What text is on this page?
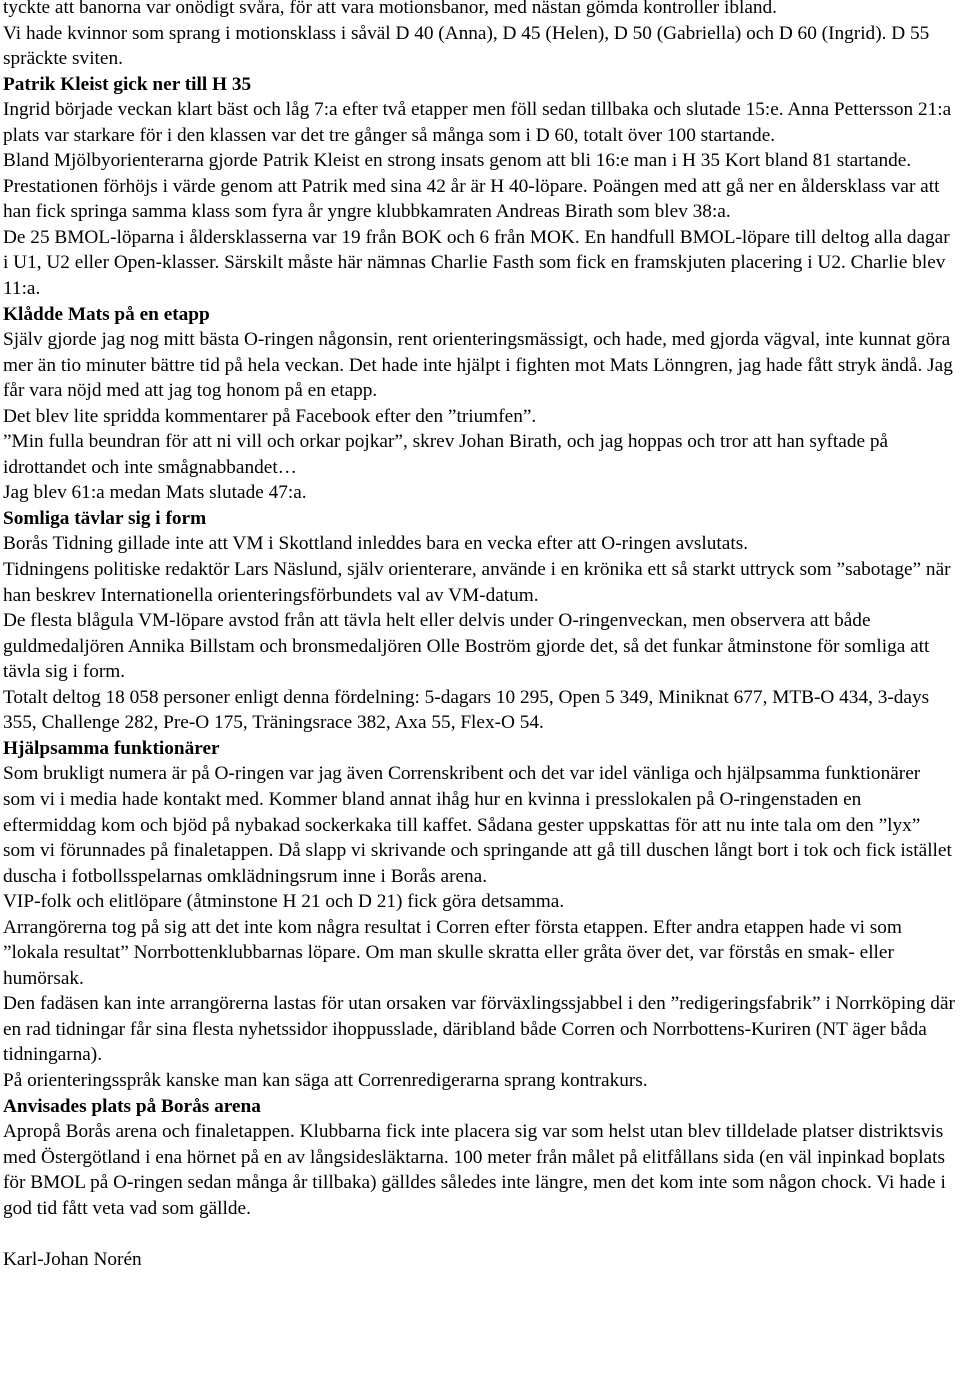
tyckte att banorna var onödigt svåra, för att vara motionsbanor, med nästan gömda kontroller ibland.

Vi hade kvinnor som sprang i motionsklass i såväl D 40 (Anna), D 45 (Helen), D 50 (Gabriella) och D 60 (Ingrid). D 55 spräckte sviten.

Patrik Kleist gick ner till H 35

Ingrid började veckan klart bäst och låg 7:a efter två etapper men föll sedan tillbaka och slutade 15:e. Anna Pettersson 21:a plats var starkare för i den klassen var det tre gånger så många som i D 60, totalt över 100 startande.

Bland Mjölbyorienterarna gjorde Patrik Kleist en strong insats genom att bli 16:e man i H 35 Kort bland 81 startande.

Prestationen förhöjs i värde genom att Patrik med sina 42 år är H 40-löpare. Poängen med att gå ner en åldersklass var att han fick springa samma klass som fyra år yngre klubbkamraten Andreas Birath som blev 38:a.

De 25 BMOL-löparna i åldersklasserna var 19 från BOK och 6 från MOK. En handfull BMOL-löpare till deltog alla dagar i U1, U2 eller Open-klasser. Särskilt måste här nämnas Charlie Fasth som fick en framskjuten placering i U2. Charlie blev 11:a.

Klådde Mats på en etapp

Själv gjorde jag nog mitt bästa O-ringen någonsin, rent orienteringsmässigt, och hade, med gjorda vägval, inte kunnat göra mer än tio minuter bättre tid på hela veckan. Det hade inte hjälpt i fighten mot Mats Lönngren, jag hade fått stryk ändå. Jag får vara nöjd med att jag tog honom på en etapp.

Det blev lite spridda kommentarer på Facebook efter den ”triumfen”.

”Min fulla beundran för att ni vill och orkar pojkar”, skrev Johan Birath, och jag hoppas och tror att han syftade på idrottandet och inte smågnabbandet…

Jag blev 61:a medan Mats slutade 47:a.

Somliga tävlar sig i form

Borås Tidning gillade inte att VM i Skottland inleddes bara en vecka efter att O-ringen avslutats.

Tidningens politiske redaktör Lars Näslund, själv orienterare, använde i en krönika ett så starkt uttryck som ”sabotage” när han beskrev Internationella orienteringsförbundets val av VM-datum.

De flesta blågula VM-löpare avstod från att tävla helt eller delvis under O-ringenveckan, men observera att både guldmedaljören Annika Billstam och bronsmedaljören Olle Boström gjorde det, så det funkar åtminstone för somliga att tävla sig i form.

Totalt deltog 18 058 personer enligt denna fördelning: 5-dagars 10 295, Open 5 349, Miniknat 677, MTB-O 434, 3-days 355, Challenge 282, Pre-O 175, Träningsrace 382, Axa 55, Flex-O 54.

Hjälpsamma funktionärer

Som brukligt numera är på O-ringen var jag även Correnskribent och det var idel vänliga och hjälpsamma funktionärer som vi i media hade kontakt med. Kommer bland annat ihåg hur en kvinna i presslokalen på O-ringenstaden en eftermiddag kom och bjöd på nybakad sockerkaka till kaffet. Sådana gester uppskattas för att nu inte tala om den ”lyx” som vi förunnades på finaletappen. Då slapp vi skrivande och springande att gå till duschen långt bort i tok och fick istället duscha i fotbollsspelarnas omklädningsrum inne i Borås arena.

VIP-folk och elitlöpare (åtminstone H 21 och D 21) fick göra detsamma.

Arrangörerna tog på sig att det inte kom några resultat i Corren efter första etappen. Efter andra etappen hade vi som ”lokala resultat” Norrbottenklubbarnas löpare. Om man skulle skratta eller gråta över det, var förstås en smak- eller humörsak.

Den fadäsen kan inte arrangörerna lastas för utan orsaken var förväxlingssjabbel i den ”redigeringsfabrik” i Norrköping där en rad tidningar får sina flesta nyhetssidor ihoppusslade, däribland både Corren och Norrbottens-Kuriren (NT äger båda tidningarna).

På orienteringsspråk kanske man kan säga att Correnredigerarna sprang kontrakurs.

Anvisades plats på Borås arena

Apropå Borås arena och finaletappen. Klubbarna fick inte placera sig var som helst utan blev tilldelade platser distriktsvis med Östergötland i ena hörnet på en av långsidesläktarna. 100 meter från målet på elitfållans sida (en väl inpinkad boplats för BMOL på O-ringen sedan många år tillbaka) gälldes således inte längre, men det kom inte som någon chock. Vi hade i god tid fått veta vad som gällde.

Karl-Johan Norén
